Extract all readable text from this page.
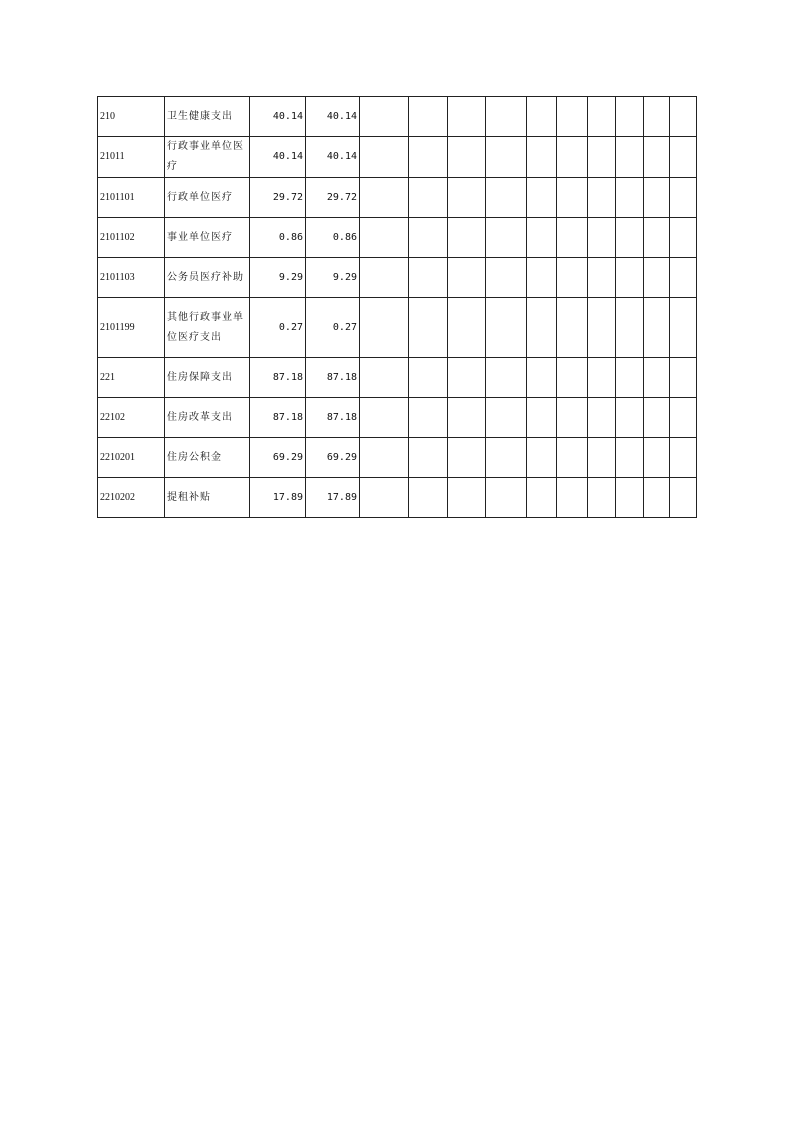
210	卫生健康支出	40.14	40.14										
21011	行政事业单位医疗	40.14	40.14										
2101101	行政单位医疗	29.72	29.72										
2101102	事业单位医疗	0.86	0.86										
2101103	公务员医疗补助	9.29	9.29										
2101199	其他行政事业单位医疗支出	0.27	0.27										
221	住房保障支出	87.18	87.18										
22102	住房改革支出	87.18	87.18										
2210201	住房公积金	69.29	69.29										
2210202	提租补贴	17.89	17.89										
